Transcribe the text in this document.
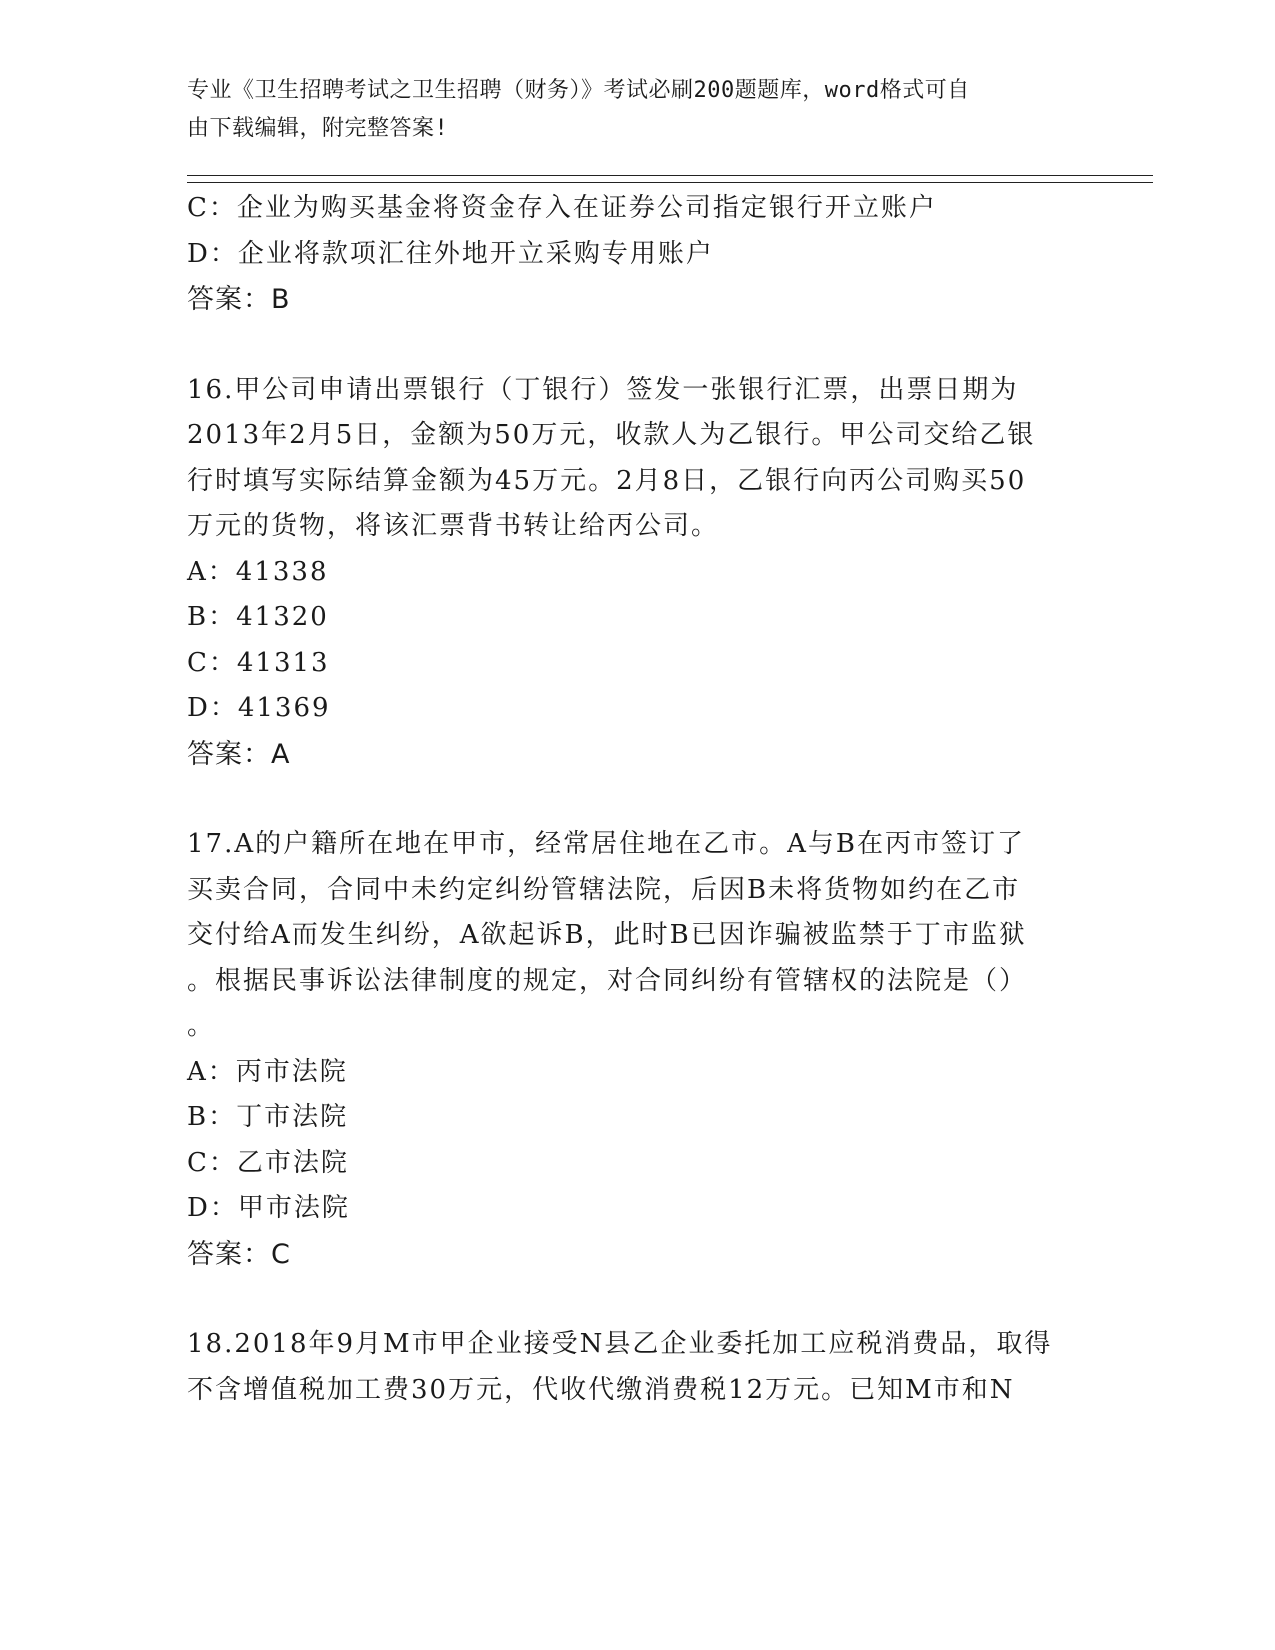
专业《卫生招聘考试之卫生招聘（财务）》考试必刷200题题库，word格式可自
由下载编辑，附完整答案!
C：企业为购买基金将资金存入在证券公司指定银行开立账户
D：企业将款项汇往外地开立采购专用账户
答案：B
16.甲公司申请出票银行（丁银行）签发一张银行汇票，出票日期为
2013年2月5日，金额为50万元，收款人为乙银行。甲公司交给乙银
行时填写实际结算金额为45万元。2月8日，乙银行向丙公司购买50
万元的货物，将该汇票背书转让给丙公司。
A：41338
B：41320
C：41313
D：41369
答案：A
17.A的户籍所在地在甲市，经常居住地在乙市。A与B在丙市签订了
买卖合同，合同中未约定纠纷管辖法院，后因B未将货物如约在乙市
交付给A而发生纠纷，A欲起诉B，此时B已因诈骗被监禁于丁市监狱
。根据民事诉讼法律制度的规定，对合同纠纷有管辖权的法院是（）
。
A：丙市法院
B：丁市法院
C：乙市法院
D：甲市法院
答案：C
18.2018年9月M市甲企业接受N县乙企业委托加工应税消费品，取得
不含增值税加工费30万元，代收代缴消费税12万元。已知M市和N
